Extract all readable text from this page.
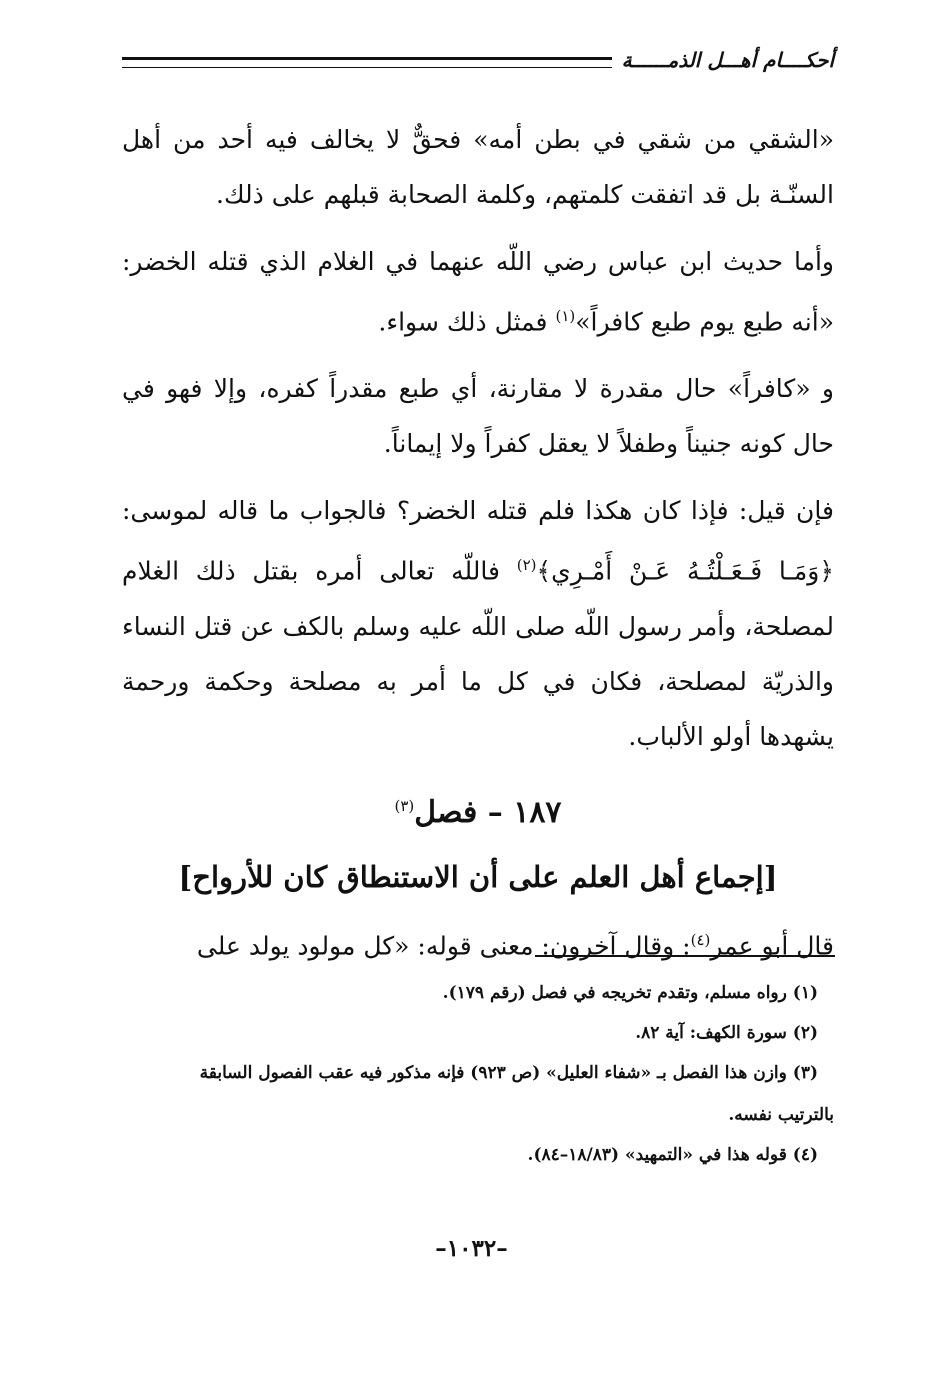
أحكــــام أهـــل الذمــــــة

«الشقي من شقي في بطن أمه» فحقٌّ لا يخالف فيه أحد من أهل السنّـة بل قد اتفقت كلمتهم، وكلمة الصحابة قبلهم على ذلك.

وأما حديث ابن عباس رضي اللّه عنهما في الغلام الذي قتله الخضر: «أنه طبع يوم طبع كافراً»$^{(١)}$ فمثل ذلك سواء.

و «كافراً» حال مقدرة لا مقارنة، أي طبع مقدراً كفره، وإلا فهو في حال كونه جنيناً وطفلاً لا يعقل كفراً ولا إيماناً.

فإن قيل: فإذا كان هكذا فلم قتله الخضر؟ فالجواب ما قاله لموسى: ﴿وَمَـا فَـعَـلْتُـهُ عَـنْ أَمْـرِي﴾$^{(٢)}$ فاللّه تعالى أمره بقتل ذلك الغلام لمصلحة، وأمر رسول اللّه صلى اللّه عليه وسلم بالكف عن قتل النساء والذريّة لمصلحة، فكان في كل ما أمر به مصلحة وحكمة ورحمة يشهدها أولو الألباب.

١٨٧ – فصل$^{(٣)}$
[إجماع أهل العلم على أن الاستنطاق كان للأرواح]

قال أبو عمر$^{(٤)}$: وقال آخرون: معنى قوله: «كل مولود يولد على

(١) رواه مسلم، وتقدم تخريجه في فصل (رقم ١٧٩).

(٢) سورة الكهف: آية ٨٢.

(٣) وازن هذا الفصل بـ «شفاء العليل» (ص ٩٢٣) فإنه مذكور فيه عقب الفصول السابقة
بالترتيب نفسه.

(٤) قوله هذا في «التمهيد» (١٨/٨٣–٨٤).

–١٠٣٢–
